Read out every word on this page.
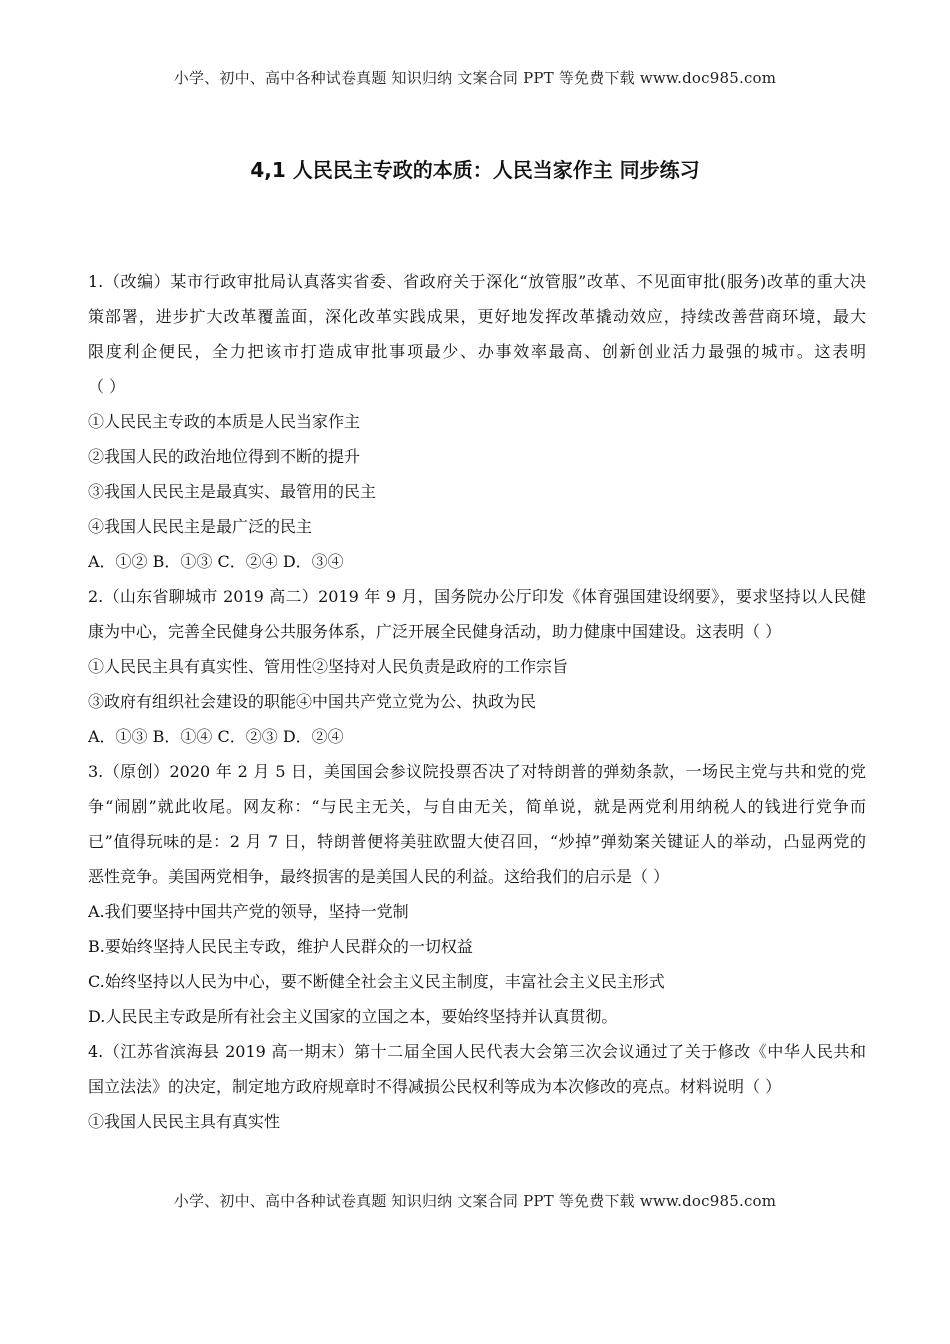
小学、初中、高中各种试卷真题 知识归纳 文案合同 PPT 等免费下载 www.doc985.com
4,1 人民民主专政的本质：人民当家作主 同步练习
1.（改编）某市行政审批局认真落实省委、省政府关于深化“放管服”改革、不见面审批(服务)改革的重大决
策部署，进步扩大改革覆盖面，深化改革实践成果，更好地发挥改革撬动效应，持续改善营商环境，最大
限度利企便民，全力把该市打造成审批事项最少、办事效率最高、创新创业活力最强的城市。这表明
（ ）
①人民民主专政的本质是人民当家作主
②我国人民的政治地位得到不断的提升
③我国人民民主是最真实、最管用的民主
④我国人民民主是最广泛的民主
A．①② B．①③ C．②④ D．③④
2.（山东省聊城市 2019 高二）2019 年 9 月，国务院办公厅印发《体育强国建设纲要》，要求坚持以人民健
康为中心，完善全民健身公共服务体系，广泛开展全民健身活动，助力健康中国建设。这表明（ ）
①人民民主具有真实性、管用性②坚持对人民负责是政府的工作宗旨
③政府有组织社会建设的职能④中国共产党立党为公、执政为民
A．①③ B．①④ C．②③ D．②④
3.（原创）2020 年 2 月 5 日，美国国会参议院投票否决了对特朗普的弹劾条款，一场民主党与共和党的党
争“闹剧”就此收尾。网友称：“与民主无关，与自由无关，简单说，就是两党利用纳税人的钱进行党争而
已”值得玩味的是：2 月 7 日，特朗普便将美驻欧盟大使召回，“炒掉”弹劾案关键证人的举动，凸显两党的
恶性竞争。美国两党相争，最终损害的是美国人民的利益。这给我们的启示是（ ）
A.我们要坚持中国共产党的领导，坚持一党制
B.要始终坚持人民民主专政，维护人民群众的一切权益
C.始终坚持以人民为中心，要不断健全社会主义民主制度，丰富社会主义民主形式
D.人民民主专政是所有社会主义国家的立国之本，要始终坚持并认真贯彻。
4.（江苏省滨海县 2019 高一期末）第十二届全国人民代表大会第三次会议通过了关于修改《中华人民共和
国立法法》的决定，制定地方政府规章时不得减损公民权利等成为本次修改的亮点。材料说明（ ）
①我国人民民主具有真实性
小学、初中、高中各种试卷真题 知识归纳 文案合同 PPT 等免费下载 www.doc985.com
